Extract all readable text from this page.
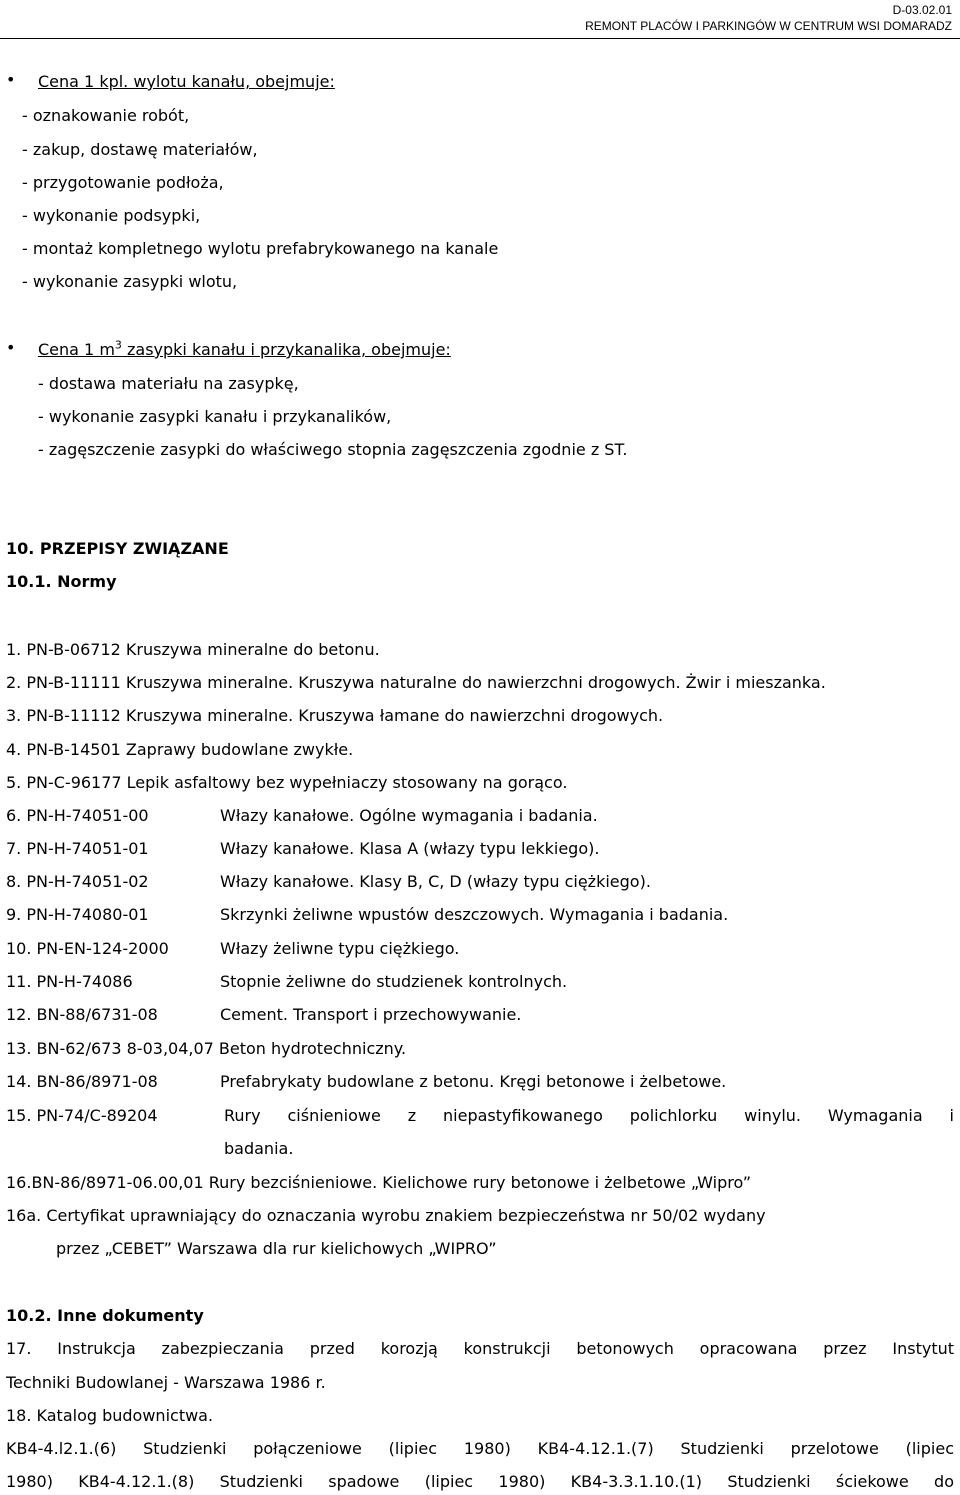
D-03.02.01
REMONT PLACÓW I PARKINGÓW W CENTRUM WSI DOMARADZ
• Cena 1 kpl. wylotu kanału, obejmuje:
- oznakowanie robót,
- zakup, dostawę materiałów,
- przygotowanie podłoża,
- wykonanie podsypki,
- montaż kompletnego wylotu prefabrykowanego na kanale
- wykonanie zasypki wlotu,
• Cena 1 $m^3$ zasypki kanału i przykanalika, obejmuje:
- dostawa materiału na zasypkę,
- wykonanie zasypki kanału i przykanalików,
- zagęszczenie zasypki do właściwego stopnia zagęszczenia zgodnie z ST.
10. PRZEPISY ZWIĄZANE
10.1. Normy
1. PN-B-06712 Kruszywa mineralne do betonu.
2. PN-B-11111 Kruszywa mineralne. Kruszywa naturalne do nawierzchni drogowych. Żwir i mieszanka.
3. PN-B-11112 Kruszywa mineralne. Kruszywa łamane do nawierzchni drogowych.
4. PN-B-14501 Zaprawy budowlane zwykłe.
5. PN-C-96177 Lepik asfaltowy bez wypełniaczy stosowany na gorąco.
6. PN-H-74051-00	Włazy kanałowe. Ogólne wymagania i badania.
7. PN-H-74051-01	Włazy kanałowe. Klasa A (włazy typu lekkiego).
8. PN-H-74051-02	Włazy kanałowe. Klasy B, C, D (włazy typu ciężkiego).
9. PN-H-74080-01	Skrzynki żeliwne wpustów deszczowych. Wymagania i badania.
10. PN-EN-124-2000	Włazy żeliwne typu ciężkiego.
11. PN-H-74086	Stopnie żeliwne do studzienek kontrolnych.
12. BN-88/6731-08	Cement. Transport i przechowywanie.
13. BN-62/673 8-03,04,07 Beton hydrotechniczny.
14. BN-86/8971-08	Prefabrykaty budowlane z betonu. Kręgi betonowe i żelbetowe.
15. PN-74/C-89204	Rury ciśnieniowe z niepastyfikowanego polichlorku winylu. Wymagania i
badania.
16.BN-86/8971-06.00,01 Rury bezciśnieniowe. Kielichowe rury betonowe i żelbetowe „Wipro”
16a. Certyfikat uprawniający do oznaczania wyrobu znakiem bezpieczeństwa nr 50/02 wydany
przez „CEBET” Warszawa dla rur kielichowych „WIPRO”
10.2. Inne dokumenty
17. Instrukcja zabezpieczania przed korozją konstrukcji betonowych opracowana przez Instytut
Techniki Budowlanej - Warszawa 1986 r.
18. Katalog budownictwa.
KB4-4.l2.1.(6) Studzienki połączeniowe (lipiec 1980) KB4-4.12.1.(7) Studzienki przelotowe (lipiec
1980) KB4-4.12.1.(8) Studzienki spadowe (lipiec 1980) KB4-3.3.1.10.(1) Studzienki ściekowe do
